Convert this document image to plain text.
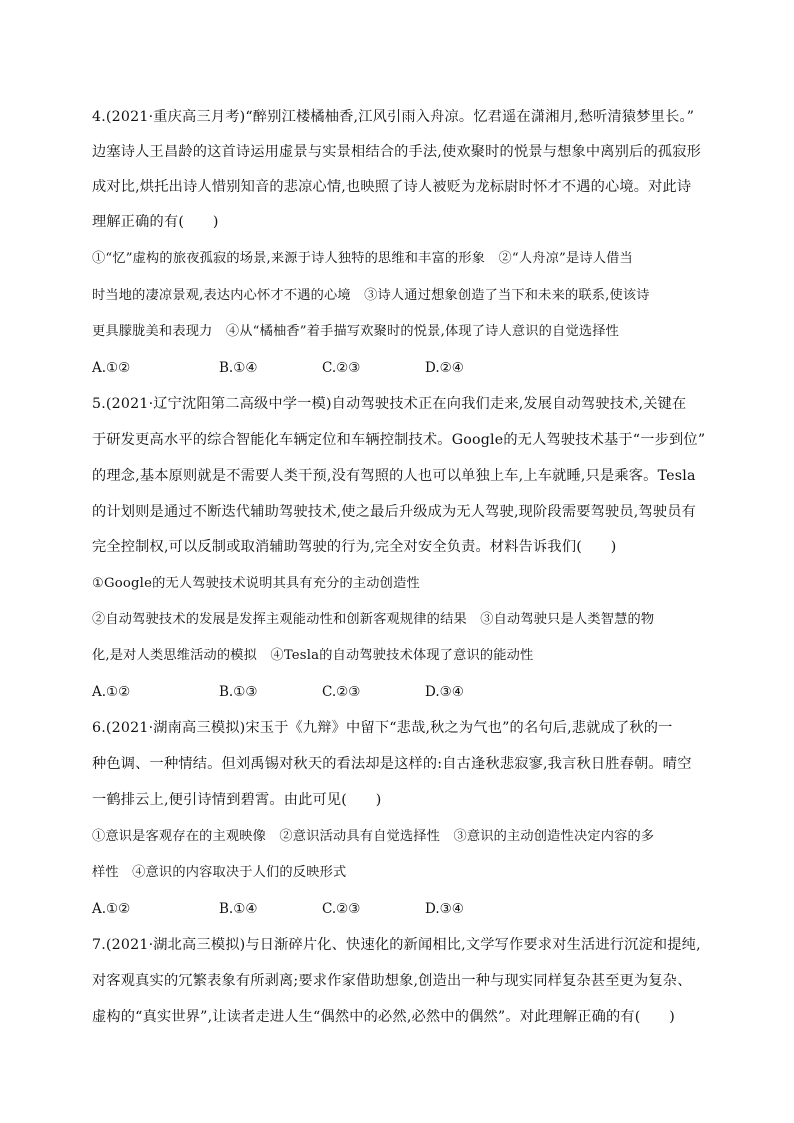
4.(2021·重庆高三月考)“醉别江楼橘柚香,江风引雨入舟凉。忆君遥在潇湘月,愁听清猿梦里长。”
边塞诗人王昌龄的这首诗运用虚景与实景相结合的手法,使欢聚时的悦景与想象中离别后的孤寂形
成对比,烘托出诗人惜别知音的悲凉心情,也映照了诗人被贬为龙标尉时怀才不遇的心境。对此诗
理解正确的有(　　)
①“忆”虚构的旅夜孤寂的场景,来源于诗人独特的思维和丰富的形象　②“人舟凉”是诗人借当
时当地的凄凉景观,表达内心怀才不遇的心境　③诗人通过想象创造了当下和未来的联系,使该诗
更具朦胧美和表现力　④从“橘柚香”着手描写欢聚时的悦景,体现了诗人意识的自觉选择性
A.①②	B.①④	C.②③	D.②④
5.(2021·辽宁沈阳第二高级中学一模)自动驾驶技术正在向我们走来,发展自动驾驶技术,关键在
于研发更高水平的综合智能化车辆定位和车辆控制技术。Google的无人驾驶技术基于“一步到位”
的理念,基本原则就是不需要人类干预,没有驾照的人也可以单独上车,上车就睡,只是乘客。Tesla
的计划则是通过不断迭代辅助驾驶技术,使之最后升级成为无人驾驶,现阶段需要驾驶员,驾驶员有
完全控制权,可以反制或取消辅助驾驶的行为,完全对安全负责。材料告诉我们(　　)
①Google的无人驾驶技术说明其具有充分的主动创造性
②自动驾驶技术的发展是发挥主观能动性和创新客观规律的结果　③自动驾驶只是人类智慧的物
化,是对人类思维活动的模拟　④Tesla的自动驾驶技术体现了意识的能动性
A.①②	B.①③	C.②③	D.③④
6.(2021·湖南高三模拟)宋玉于《九辩》中留下“悲哉,秋之为气也”的名句后,悲就成了秋的一
种色调、一种情结。但刘禹锡对秋天的看法却是这样的:自古逢秋悲寂寥,我言秋日胜春朝。晴空
一鹤排云上,便引诗情到碧霄。由此可见(　　)
①意识是客观存在的主观映像　②意识活动具有自觉选择性　③意识的主动创造性决定内容的多
样性　④意识的内容取决于人们的反映形式
A.①②	B.①④	C.②③	D.③④
7.(2021·湖北高三模拟)与日渐碎片化、快速化的新闻相比,文学写作要求对生活进行沉淀和提纯,
对客观真实的冗繁表象有所剥离;要求作家借助想象,创造出一种与现实同样复杂甚至更为复杂、
虚构的“真实世界”,让读者走进人生“偶然中的必然,必然中的偶然”。对此理解正确的有(　　)
